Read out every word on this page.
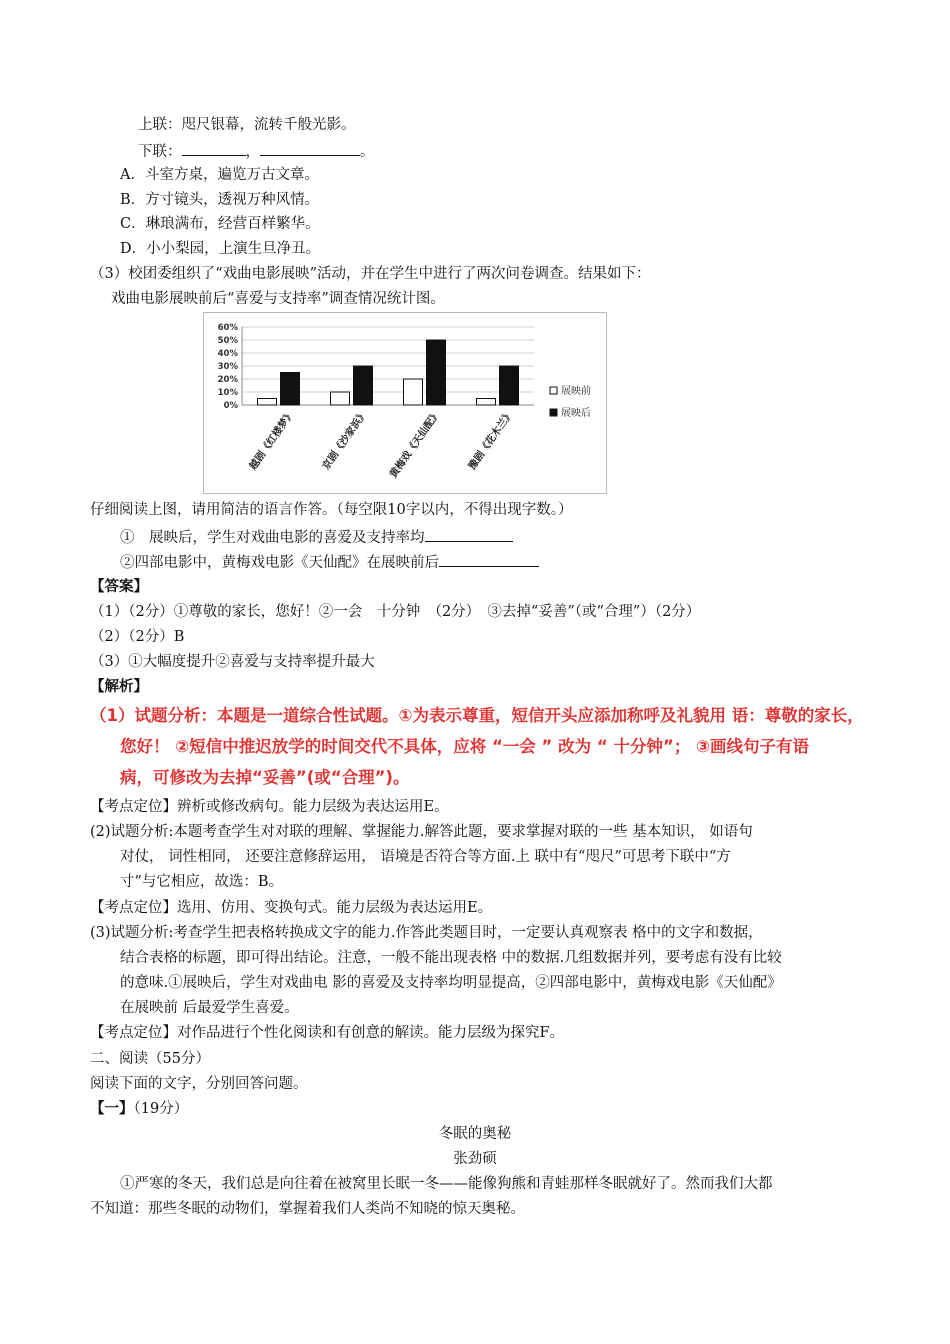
上联：咫尺银幕，流转千般光影。
下联：	，	。
A．斗室方桌，遍览万古文章。
B．方寸镜头，透视万种风情。
C．琳琅满布，经营百样繁华。
D．小小梨园，上演生旦净丑。
（3）校团委组织了“戏曲电影展映”活动，并在学生中进行了两次问卷调查。结果如下：
戏曲电影展映前后“喜爱与支持率”调查情况统计图。
0%
10%
20%
30%
40%
50%
60%
越剧《红楼梦》 京剧《沙家浜》 黄梅戏《天仙配》 豫剧《花木兰》
展映前
展映后
仔细阅读上图，请用简洁的语言作答。（每空限10字以内，不得出现字数。）
①　展映后，学生对戏曲电影的喜爱及支持率均
②四部电影中，黄梅戏电影《天仙配》在展映前后
【答案】
（1）（2分）①尊敬的家长，您好！②一会　十分钟　（2分）　③去掉“妥善”（或“合理”）（2分）
（2）（2分）B
（3）①大幅度提升②喜爱与支持率提升最大
【解析】
（1）试题分析：本题是一道综合性试题。①为表示尊重，短信开头应添加称呼及礼貌用 语：尊敬的家长，
您好！ ②短信中推迟放学的时间交代不具体，应将 “一会 ” 改为 “ 十分钟”； ③画线句子有语
病，可修改为去掉“妥善”(或“合理”)。
【考点定位】辨析或修改病句。能力层级为表达运用E。
(2)试题分析:本题考查学生对对联的理解、掌握能力.解答此题，要求掌握对联的一些 基本知识， 如语句
对仗， 词性相同， 还要注意修辞运用， 语境是否符合等方面.上 联中有“咫尺”可思考下联中“方
寸”与它相应，故选：B。
【考点定位】选用、仿用、变换句式。能力层级为表达运用E。
(3)试题分析:考查学生把表格转换成文字的能力.作答此类题目时，一定要认真观察表 格中的文字和数据，
结合表格的标题，即可得出结论。注意，一般不能出现表格 中的数据.几组数据并列，要考虑有没有比较
的意味.①展映后，学生对戏曲电 影的喜爱及支持率均明显提高，②四部电影中，黄梅戏电影《天仙配》
在展映前 后最爱学生喜爱。
【考点定位】对作品进行个性化阅读和有创意的解读。能力层级为探究F。
二、阅读（55分）
阅读下面的文字，分别回答问题。
【一】（19分）
冬眠的奥秘
张劲硕
①严寒的冬天，我们总是向往着在被窝里长眠一冬——能像狗熊和青蛙那样冬眠就好了。然而我们大都
不知道：那些冬眠的动物们，掌握着我们人类尚不知晓的惊天奥秘。
